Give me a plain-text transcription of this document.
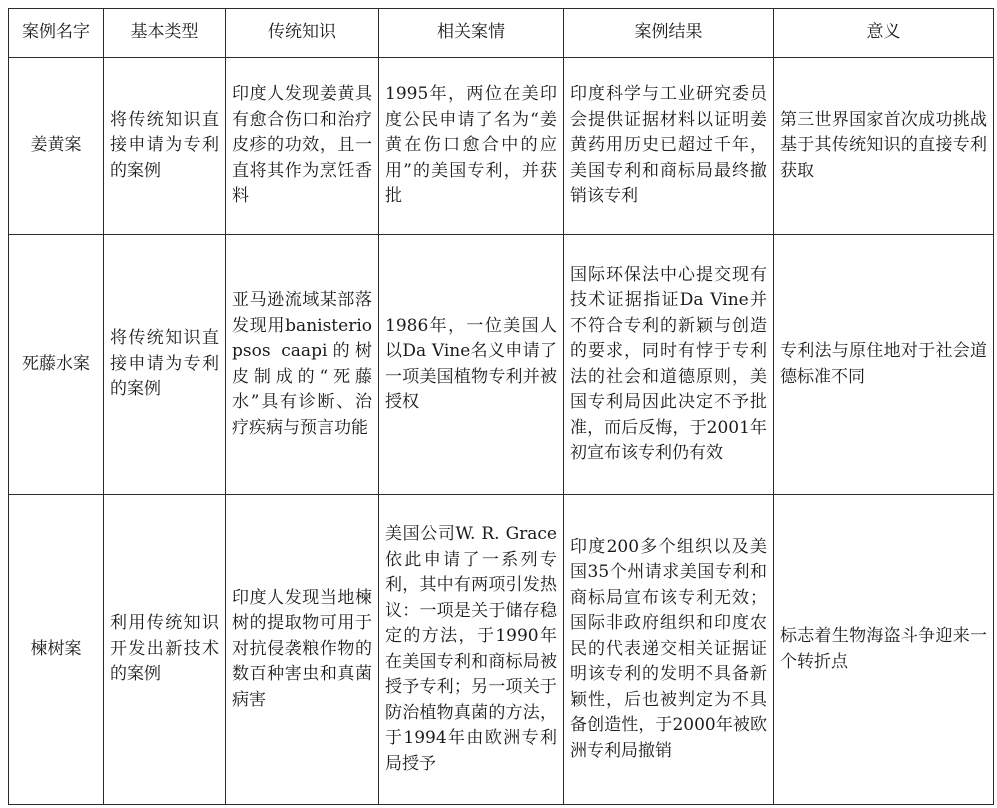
案例名字	基本类型	传统知识	相关案情	案例结果	意义
姜黄案	将传统知识直接申请为专利的案例	印度人发现姜黄具有愈合伤口和治疗皮疹的功效，且一直将其作为烹饪香料	1995年，两位在美印度公民申请了名为“姜黄在伤口愈合中的应用”的美国专利，并获批	印度科学与工业研究委员会提供证据材料以证明姜黄药用历史已超过千年，美国专利和商标局最终撤销该专利	第三世界国家首次成功挑战基于其传统知识的直接专利获取
死藤水案	将传统知识直接申请为专利的案例	亚马逊流域某部落发现用banisteriopsos caapi的树皮制成的“死藤水”具有诊断、治疗疾病与预言功能	1986年，一位美国人以Da Vine名义申请了一项美国植物专利并被授权	国际环保法中心提交现有技术证据指证Da Vine并不符合专利的新颖与创造的要求，同时有悖于专利法的社会和道德原则，美国专利局因此决定不予批准，而后反悔，于2001年初宣布该专利仍有效	专利法与原住地对于社会道德标准不同
楝树案	利用传统知识开发出新技术的案例	印度人发现当地楝树的提取物可用于对抗侵袭粮作物的数百种害虫和真菌病害	美国公司W. R. Grace依此申请了一系列专利，其中有两项引发热议：一项是关于储存稳定的方法，于1990年在美国专利和商标局被授予专利；另一项关于防治植物真菌的方法，于1994年由欧洲专利局授予	印度200多个组织以及美国35个州请求美国专利和商标局宣布该专利无效；国际非政府组织和印度农民的代表递交相关证据证明该专利的发明不具备新颖性，后也被判定为不具备创造性，于2000年被欧洲专利局撤销	标志着生物海盗斗争迎来一个转折点
